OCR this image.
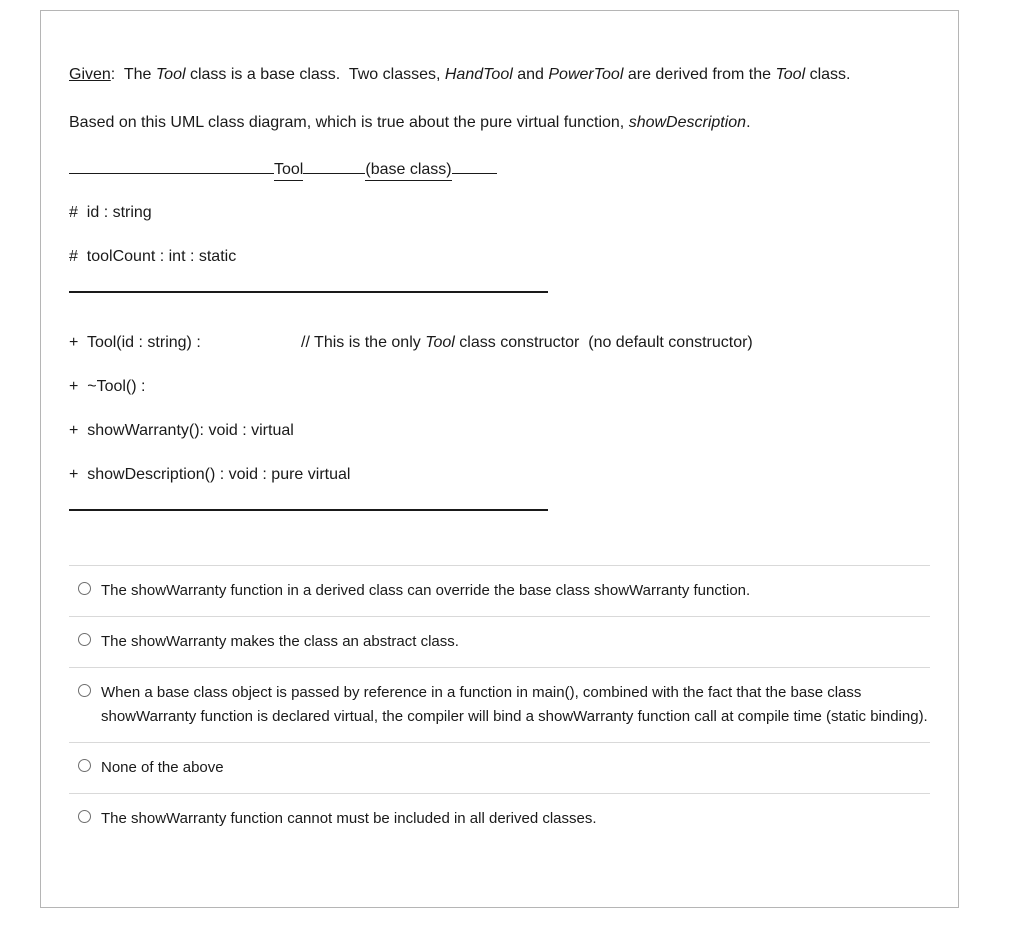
Given:  The Tool class is a base class.  Two classes, HandTool and PowerTool are derived from the Tool class.

Based on this UML class diagram, which is true about the pure virtual function, showDescription.

Tool	(base class)

#  id : string

#  toolCount : int : static

+  Tool(id : string) :	// This is the only Tool class constructor  (no default constructor)

+  ~Tool() :

+  showWarranty(): void : virtual

+  showDescription() : void : pure virtual

The showWarranty function in a derived class can override the base class showWarranty function.
The showWarranty makes the class an abstract class.
When a base class object is passed by reference in a function in main(), combined with the fact that the base class showWarranty function is declared virtual, the compiler will bind a showWarranty function call at compile time (static binding).
None of the above
The showWarranty function cannot must be included in all derived classes.
